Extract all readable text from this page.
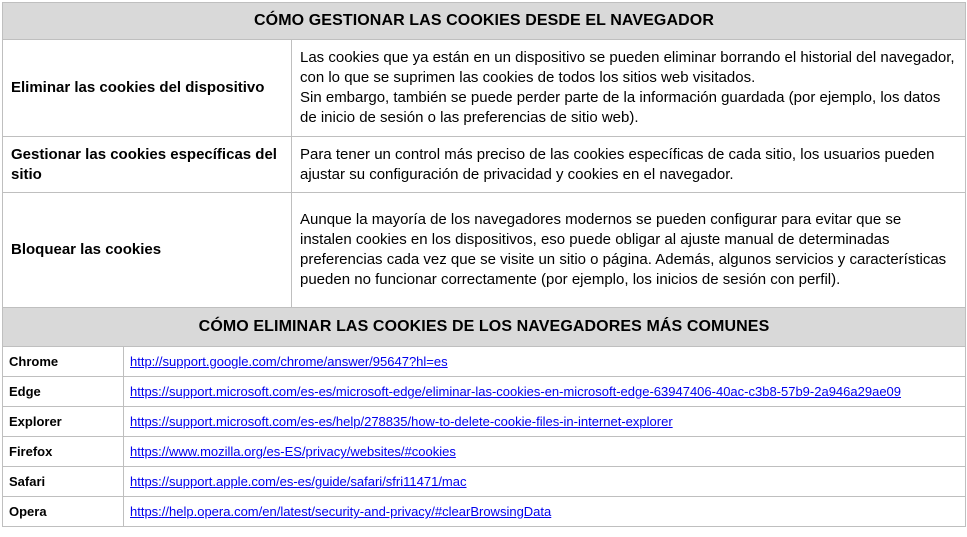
CÓMO GESTIONAR LAS COOKIES DESDE EL NAVEGADOR	
Eliminar las cookies del dispositivo	Las cookies que ya están en un dispositivo se pueden eliminar borrando el historial del navegador, con lo que se suprimen las cookies de todos los sitios web visitados.

Sin embargo, también se puede perder parte de la información guardada (por ejemplo, los datos de inicio de sesión o las preferencias de sitio web).

Gestionar las cookies específicas del sitio	Para tener un control más preciso de las cookies específicas de cada sitio, los usuarios pueden ajustar su configuración de privacidad y cookies en el navegador.

Bloquear las cookies	Aunque la mayoría de los navegadores modernos se pueden configurar para evitar que se instalen cookies en los dispositivos, eso puede obligar al ajuste manual de determinadas preferencias cada vez que se visite un sitio o página. Además, algunos servicios y características pueden no funcionar correctamente (por ejemplo, los inicios de sesión con perfil).

CÓMO ELIMINAR LAS COOKIES DE LOS NAVEGADORES MÁS COMUNES	
Chrome	http://support.google.com/chrome/answer/95647?hl=es
Edge	https://support.microsoft.com/es-es/microsoft-edge/eliminar-las-cookies-en-microsoft-edge-63947406-40ac-c3b8-57b9-2a946a29ae09
Explorer	https://support.microsoft.com/es-es/help/278835/how-to-delete-cookie-files-in-internet-explorer
Firefox	https://www.mozilla.org/es-ES/privacy/websites/#cookies
Safari	https://support.apple.com/es-es/guide/safari/sfri11471/mac
Opera	https://help.opera.com/en/latest/security-and-privacy/#clearBrowsingData
